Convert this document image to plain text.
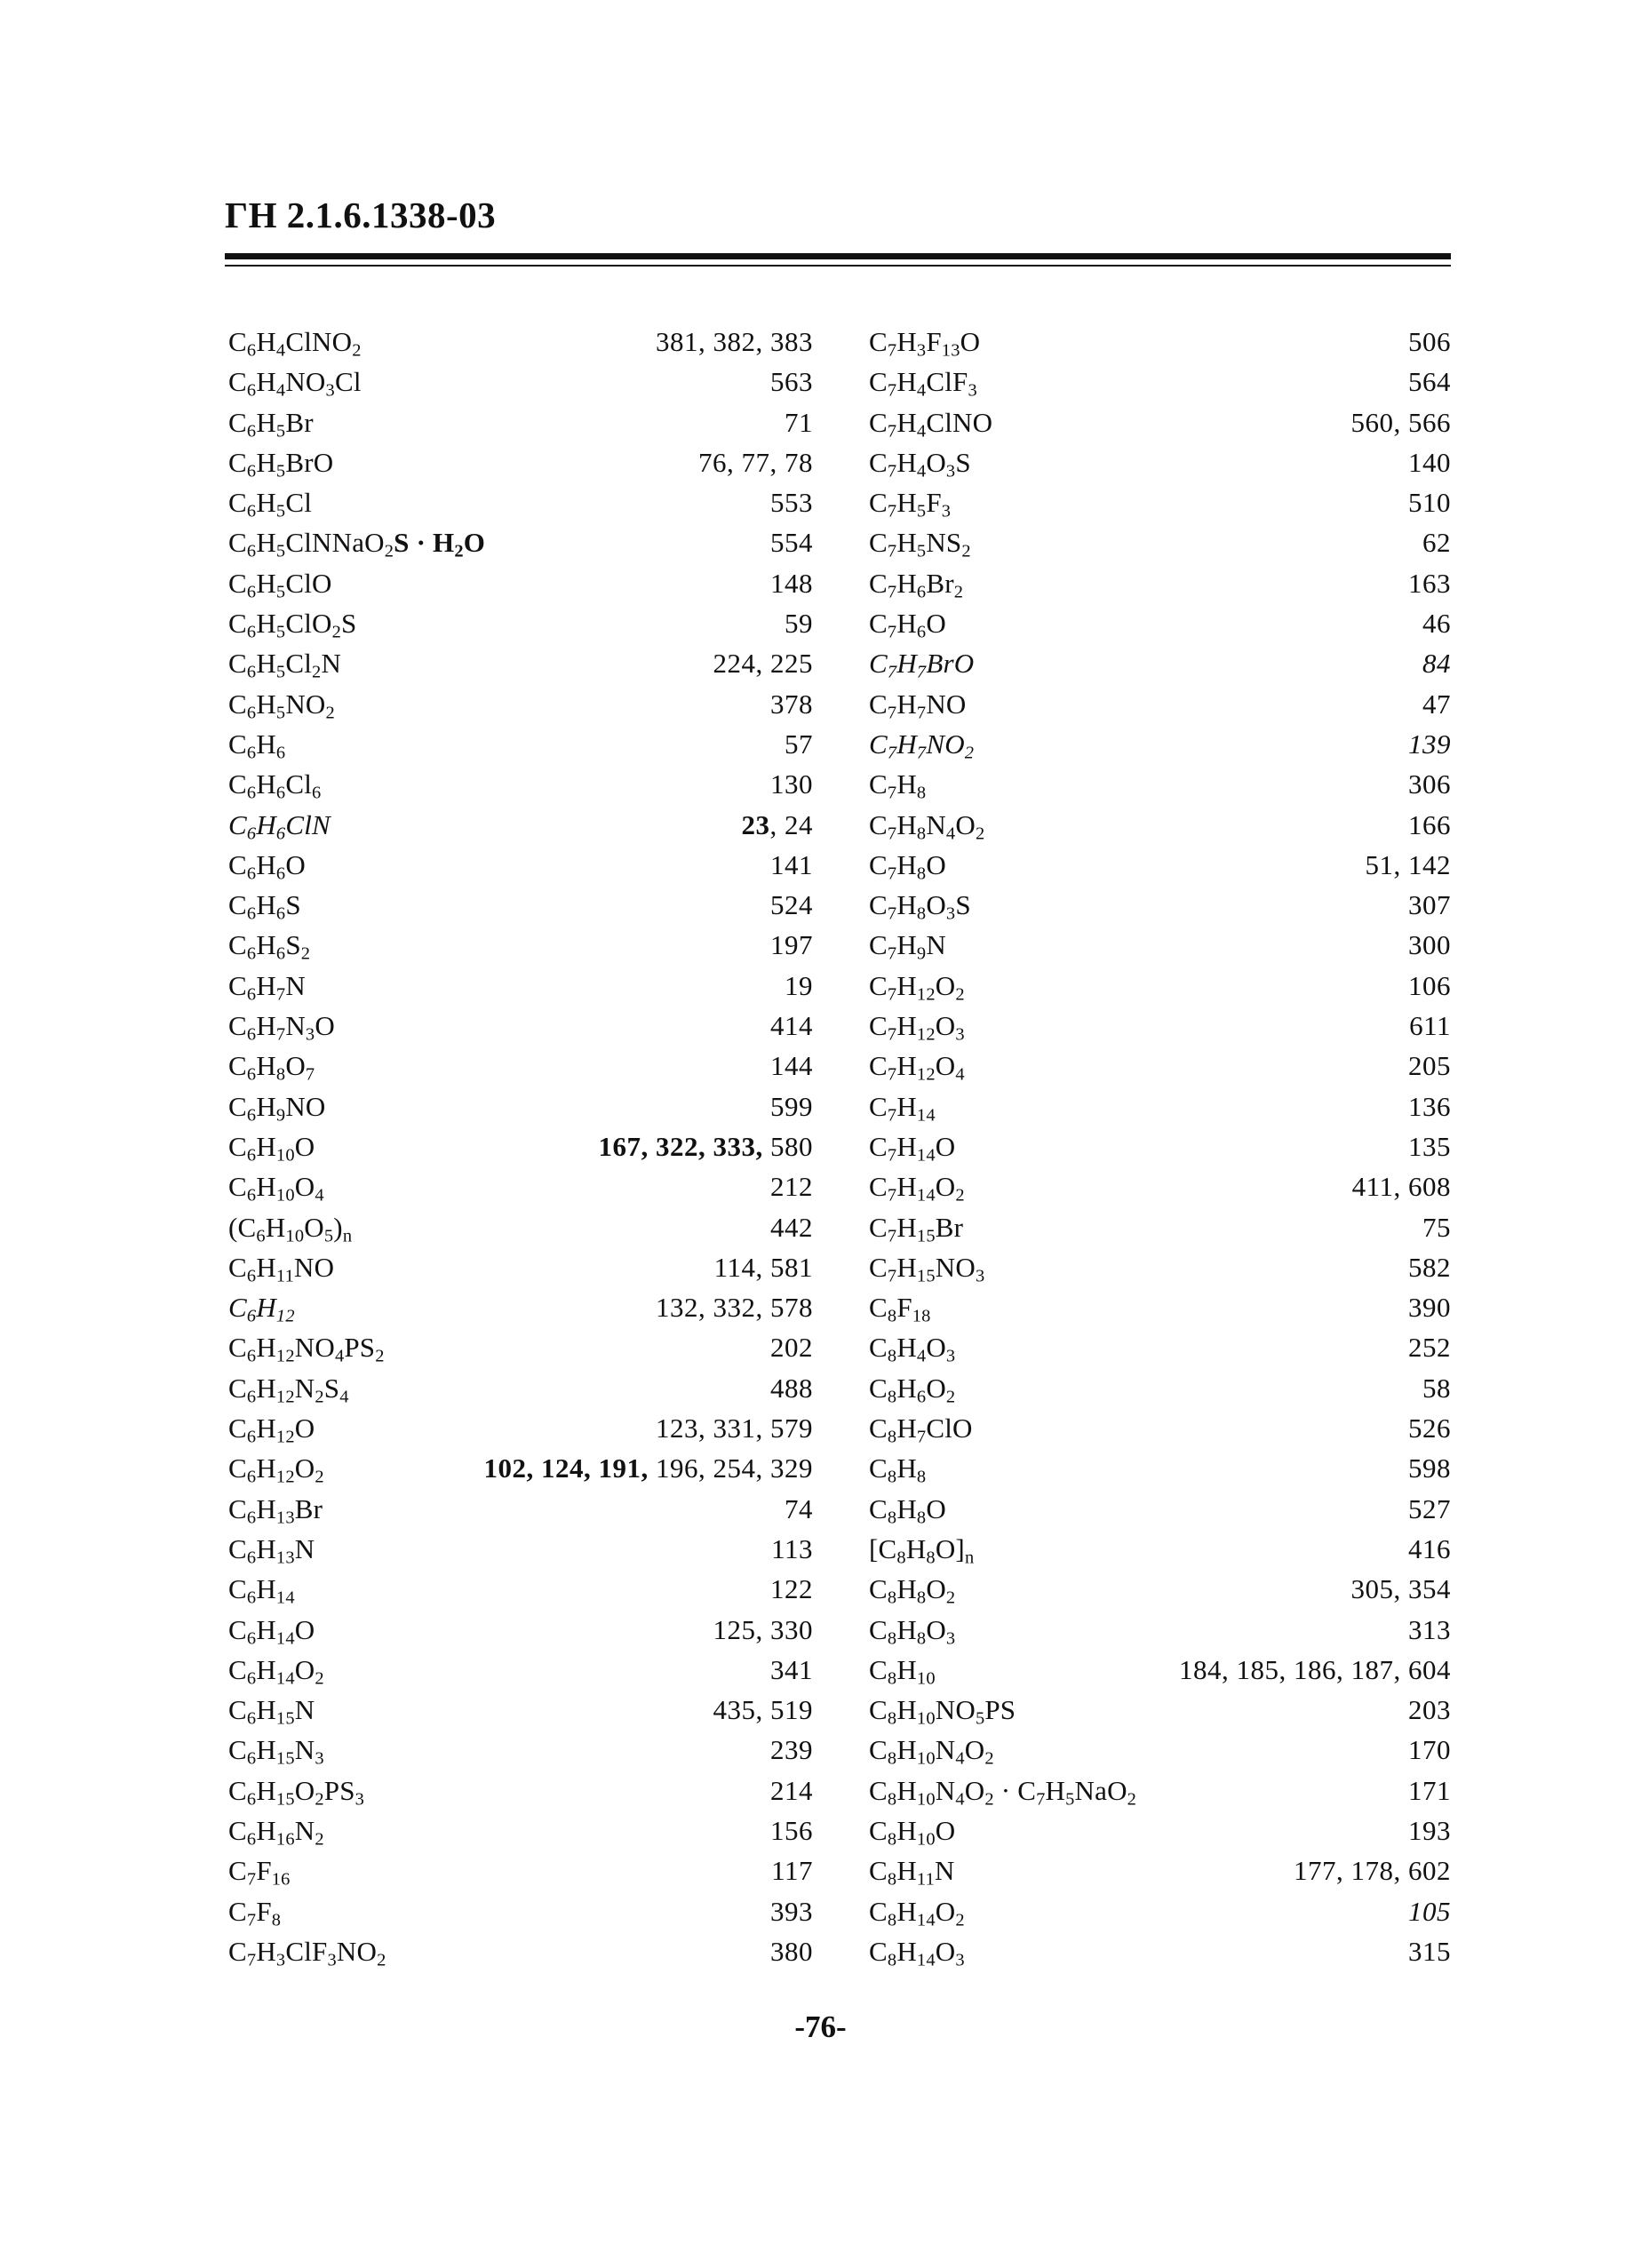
ГН 2.1.6.1338-03
$C_6H_4ClNO_2$	381, 382, 383
$C_6H_4NO_3Cl$	563
$C_6H_5Br$	71
$C_6H_5BrO$	76, 77, 78
$C_6H_5Cl$	553
$C_6H_5ClNNaO_2S \cdot H_2O$	554
$C_6H_5ClO$	148
$C_6H_5ClO_2S$	59
$C_6H_5Cl_2N$	224, 225
$C_6H_5NO_2$	378
$C_6H_6$	57
$C_6H_6Cl_6$	130
$C_6H_6ClN$	23, 24
$C_6H_6O$	141
$C_6H_6S$	524
$C_6H_6S_2$	197
$C_6H_7N$	19
$C_6H_7N_3O$	414
$C_6H_8O_7$	144
$C_6H_9NO$	599
$C_6H_{10}O$	167, 322, 333, 580
$C_6H_{10}O_4$	212
$(C_6H_{10}O_5)_n$	442
$C_6H_{11}NO$	114, 581
$C_6H_{12}$	132, 332, 578
$C_6H_{12}NO_4PS_2$	202
$C_6H_{12}N_2S_4$	488
$C_6H_{12}O$	123, 331, 579
$C_6H_{12}O_2$	102, 124, 191, 196, 254, 329
$C_6H_{13}Br$	74
$C_6H_{13}N$	113
$C_6H_{14}$	122
$C_6H_{14}O$	125, 330
$C_6H_{14}O_2$	341
$C_6H_{15}N$	435, 519
$C_6H_{15}N_3$	239
$C_6H_{15}O_2PS_3$	214
$C_6H_{16}N_2$	156
$C_7F_{16}$	117
$C_7F_8$	393
$C_7H_3ClF_3NO_2$	380
$C_7H_3F_{13}O$	506
$C_7H_4ClF_3$	564
$C_7H_4ClNO$	560, 566
$C_7H_4O_3S$	140
$C_7H_5F_3$	510
$C_7H_5NS_2$	62
$C_7H_6Br_2$	163
$C_7H_6O$	46
$C_7H_7BrO$	84
$C_7H_7NO$	47
$C_7H_7NO_2$	139
$C_7H_8$	306
$C_7H_8N_4O_2$	166
$C_7H_8O$	51, 142
$C_7H_8O_3S$	307
$C_7H_9N$	300
$C_7H_{12}O_2$	106
$C_7H_{12}O_3$	611
$C_7H_{12}O_4$	205
$C_7H_{14}$	136
$C_7H_{14}O$	135
$C_7H_{14}O_2$	411, 608
$C_7H_{15}Br$	75
$C_7H_{15}NO_3$	582
$C_8F_{18}$	390
$C_8H_4O_3$	252
$C_8H_6O_2$	58
$C_8H_7ClO$	526
$C_8H_8$	598
$C_8H_8O$	527
$[C_8H_8O]_n$	416
$C_8H_8O_2$	305, 354
$C_8H_8O_3$	313
$C_8H_{10}$	184, 185, 186, 187, 604
$C_8H_{10}NO_5PS$	203
$C_8H_{10}N_4O_2$	170
$C_8H_{10}N_4O_2 \cdot C_7H_5NaO_2$	171
$C_8H_{10}O$	193
$C_8H_{11}N$	177, 178, 602
$C_8H_{14}O_2$	105
$C_8H_{14}O_3$	315
-76-
